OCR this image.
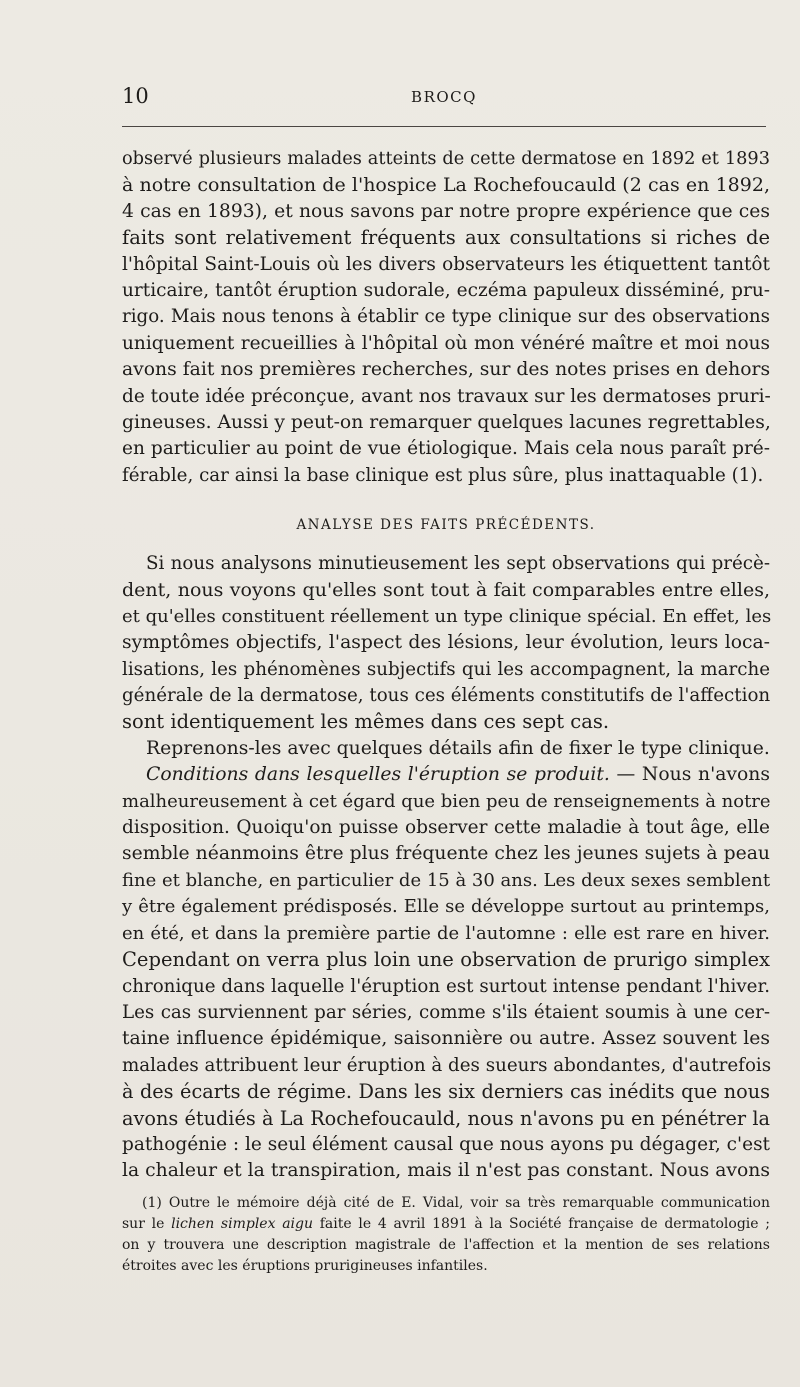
10	BROCQ
observé plusieurs malades atteints de cette dermatose en 1892 et 1893
à notre consultation de l'hospice La Rochefoucauld (2 cas en 1892,
4 cas en 1893), et nous savons par notre propre expérience que ces
faits sont relativement fréquents aux consultations si riches de
l'hôpital Saint-Louis où les divers observateurs les étiquettent tantôt
urticaire, tantôt éruption sudorale, eczéma papuleux disséminé, pru-
rigo. Mais nous tenons à établir ce type clinique sur des observations
uniquement recueillies à l'hôpital où mon vénéré maître et moi nous
avons fait nos premières recherches, sur des notes prises en dehors
de toute idée préconçue, avant nos travaux sur les dermatoses pruri-
gineuses. Aussi y peut-on remarquer quelques lacunes regrettables,
en particulier au point de vue étiologique. Mais cela nous paraît pré-
férable, car ainsi la base clinique est plus sûre, plus inattaquable (1).
ANALYSE DES FAITS PRÉCÉDENTS.
Si nous analysons minutieusement les sept observations qui précè-
dent, nous voyons qu'elles sont tout à fait comparables entre elles,
et qu'elles constituent réellement un type clinique spécial. En effet, les
symptômes objectifs, l'aspect des lésions, leur évolution, leurs loca-
lisations, les phénomènes subjectifs qui les accompagnent, la marche
générale de la dermatose, tous ces éléments constitutifs de l'affection
sont identiquement les mêmes dans ces sept cas.
Reprenons-les avec quelques détails afin de fixer le type clinique.
Conditions dans lesquelles l'éruption se produit. — Nous n'avons
malheureusement à cet égard que bien peu de renseignements à notre
disposition. Quoiqu'on puisse observer cette maladie à tout âge, elle
semble néanmoins être plus fréquente chez les jeunes sujets à peau
fine et blanche, en particulier de 15 à 30 ans. Les deux sexes semblent
y être également prédisposés. Elle se développe surtout au printemps,
en été, et dans la première partie de l'automne : elle est rare en hiver.
Cependant on verra plus loin une observation de prurigo simplex
chronique dans laquelle l'éruption est surtout intense pendant l'hiver.
Les cas surviennent par séries, comme s'ils étaient soumis à une cer-
taine influence épidémique, saisonnière ou autre. Assez souvent les
malades attribuent leur éruption à des sueurs abondantes, d'autrefois
à des écarts de régime. Dans les six derniers cas inédits que nous
avons étudiés à La Rochefoucauld, nous n'avons pu en pénétrer la
pathogénie : le seul élément causal que nous ayons pu dégager, c'est
la chaleur et la transpiration, mais il n'est pas constant. Nous avons
(1) Outre le mémoire déjà cité de E. Vidal, voir sa très remarquable communication
sur le lichen simplex aigu faite le 4 avril 1891 à la Société française de dermatologie ;
on y trouvera une description magistrale de l'affection et la mention de ses relations
étroites avec les éruptions prurigineuses infantiles.
